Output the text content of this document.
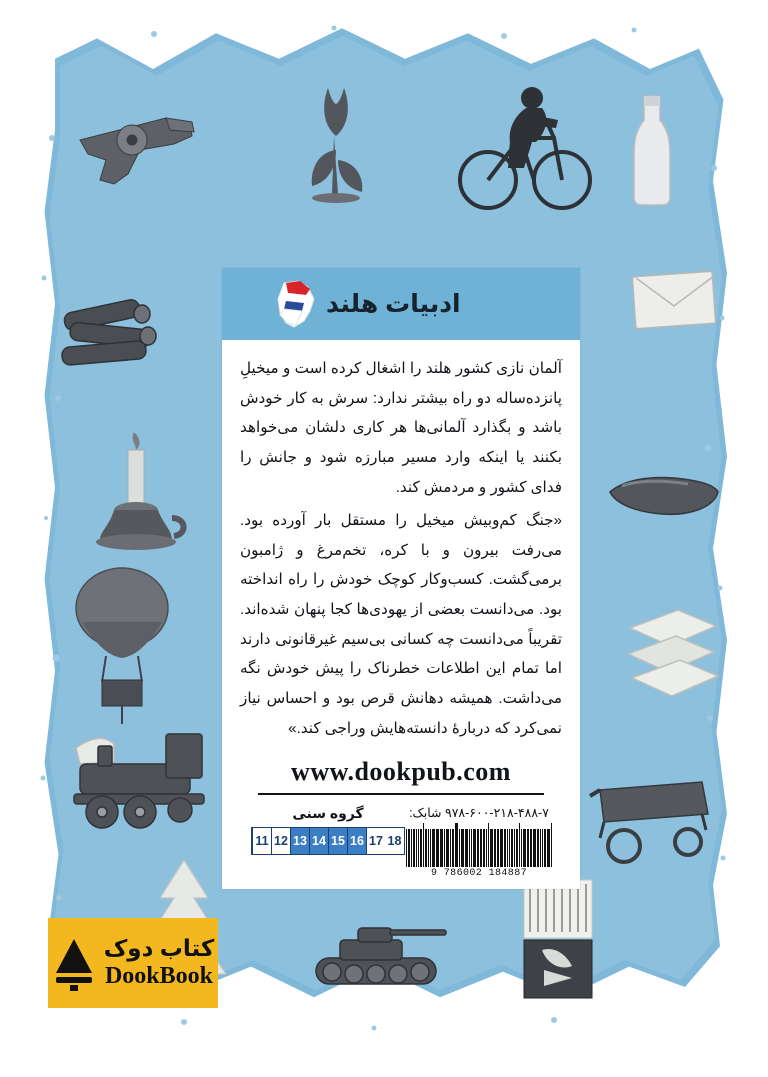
ادبیات هلند

آلمان نازی کشور هلند را اشغال کرده است و میخیلِ پانزده‌ساله دو راه بیشتر ندارد: سرش به کار خودش باشد و بگذارد آلمانی‌ها هر کاری دلشان می‌خواهد بکنند یا اینکه وارد مسیر مبارزه شود و جانش را فدای کشور و مردمش کند.

«جنگ کم‌وبیش میخیل را مستقل بار آورده بود. می‌رفت بیرون و با کره، تخم‌مرغ و ژامبون برمی‌گشت. کسب‌وکار کوچک خودش را راه انداخته بود. می‌دانست بعضی از یهودی‌ها کجا پنهان شده‌اند. تقریباً می‌دانست چه کسانی بی‌سیم غیرقانونی دارند اما تمام این اطلاعات خطرناک را پیش خودش نگه می‌داشت. همیشه دهانش قرص بود و احساس نیاز نمی‌کرد که دربارهٔ دانسته‌هایش وراجی کند.»

www.dookpub.com
۹۷۸-۶۰۰-۲۱۸-۴۸۸-۷ شابک:
9 786002 184887
گروه سنی
11 12 13 14 15 16 17 18
کتاب دوک
DookBook
